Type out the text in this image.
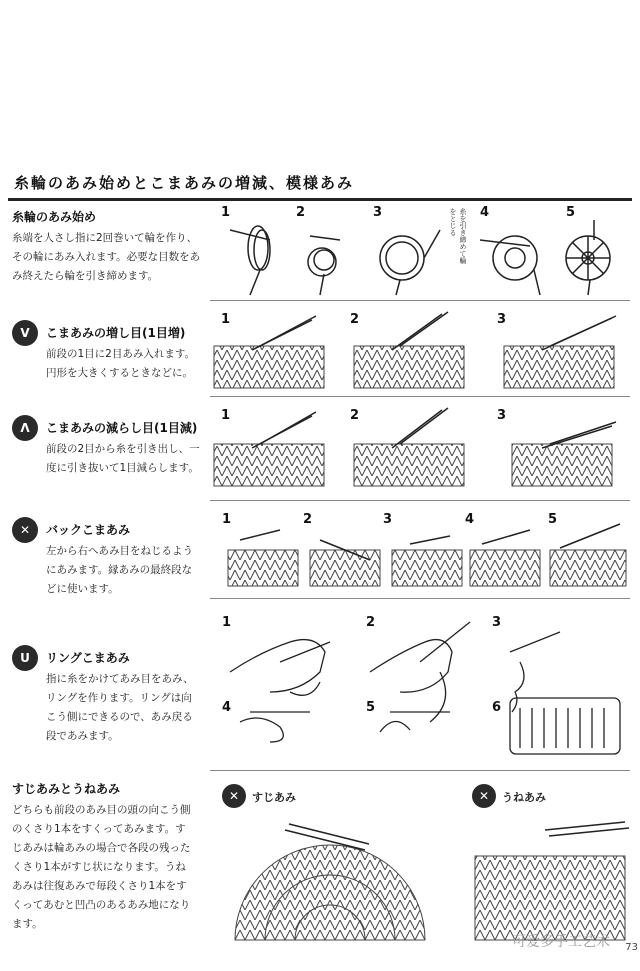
糸輪のあみ始めとこまあみの増減、模様あみ
糸輪のあみ始め
糸端を人さし指に2回巻いて輪を作り、その輪にあみ入れます。必要な目数をあみ終えたら輪を引き締めます。
V	こまあみの増し目(1目増)
前段の1目に2目あみ入れます。円形を大きくするときなどに。
Λ	こまあみの減らし目(1目減)
前段の2目から糸を引き出し、一度に引き抜いて1目減らします。
✕	バックこまあみ
左から右へあみ目をねじるようにあみます。縁あみの最終段などに使います。
U	リングこまあみ
指に糸をかけてあみ目をあみ、リングを作ります。リングは向こう側にできるので、あみ戻る段であみます。
すじあみとうねあみ
どちらも前段のあみ目の頭の向こう側のくさり1本をすくってあみます。すじあみは輪あみの場合で各段の残ったくさり1本がすじ状になります。うねあみは往復あみで毎段くさり1本をすくってあむと凹凸のあるあみ地になります。
1	2	3	4	5
糸を引き締めて輪をとじる
1	2	3
1	2	3
1	2	3	4	5
1	2	3
4	5	6
✕	すじあみ	✕	うねあみ
可爱多手工艺术 73
